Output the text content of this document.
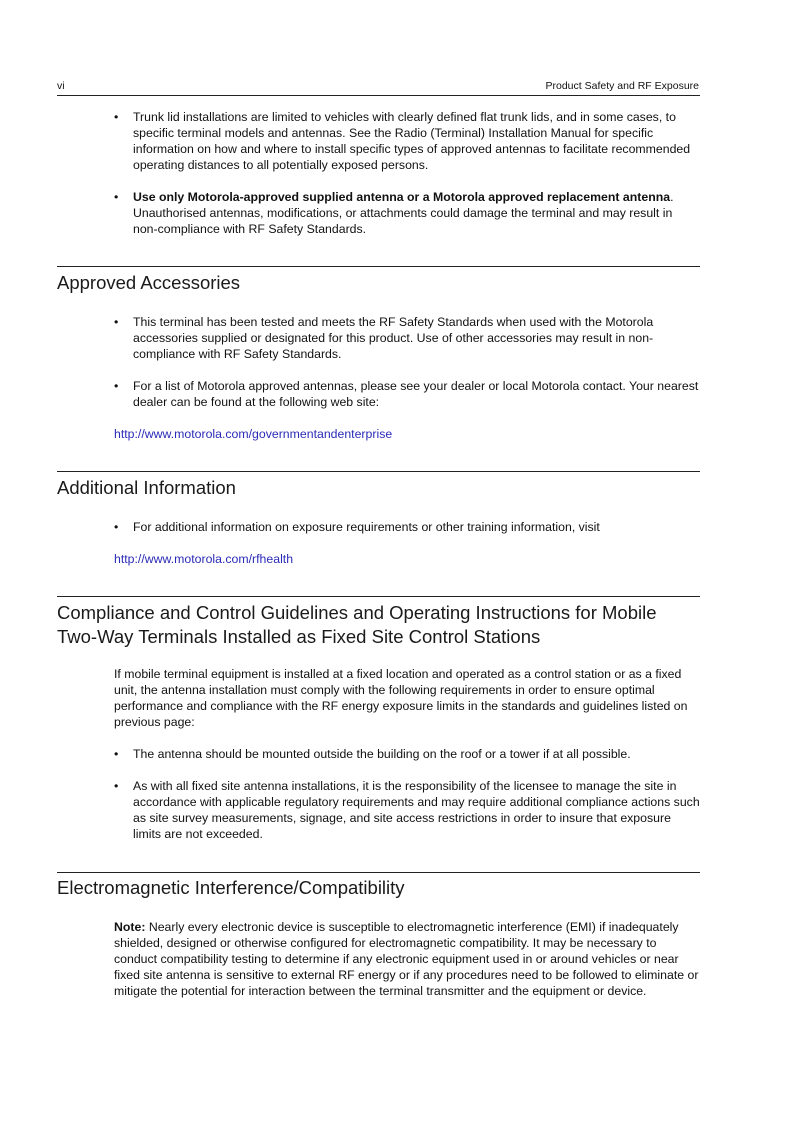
vi	Product Safety and RF Exposure
• Trunk lid installations are limited to vehicles with clearly defined flat trunk lids, and in some cases, to specific terminal models and antennas. See the Radio (Terminal) Installation Manual for specific information on how and where to install specific types of approved antennas to facilitate recommended operating distances to all potentially exposed persons.
• Use only Motorola-approved supplied antenna or a Motorola approved replacement antenna. Unauthorised antennas, modifications, or attachments could damage the terminal and may result in non-compliance with RF Safety Standards.
Approved Accessories
• This terminal has been tested and meets the RF Safety Standards when used with the Motorola accessories supplied or designated for this product. Use of other accessories may result in non-compliance with RF Safety Standards.
• For a list of Motorola approved antennas, please see your dealer or local Motorola contact. Your nearest dealer can be found at the following web site:
http://www.motorola.com/governmentandenterprise
Additional Information
• For additional information on exposure requirements or other training information, visit
http://www.motorola.com/rfhealth
Compliance and Control Guidelines and Operating Instructions for Mobile
Two-Way Terminals Installed as Fixed Site Control Stations

If mobile terminal equipment is installed at a fixed location and operated as a control station or as a fixed unit, the antenna installation must comply with the following requirements in order to ensure optimal performance and compliance with the RF energy exposure limits in the standards and guidelines listed on previous page:

• The antenna should be mounted outside the building on the roof or a tower if at all possible.
• As with all fixed site antenna installations, it is the responsibility of the licensee to manage the site in accordance with applicable regulatory requirements and may require additional compliance actions such as site survey measurements, signage, and site access restrictions in order to insure that exposure limits are not exceeded.
Electromagnetic Interference/Compatibility

Note: Nearly every electronic device is susceptible to electromagnetic interference (EMI) if inadequately shielded, designed or otherwise configured for electromagnetic compatibility. It may be necessary to conduct compatibility testing to determine if any electronic equipment used in or around vehicles or near fixed site antenna is sensitive to external RF energy or if any procedures need to be followed to eliminate or mitigate the potential for interaction between the terminal transmitter and the equipment or device.
